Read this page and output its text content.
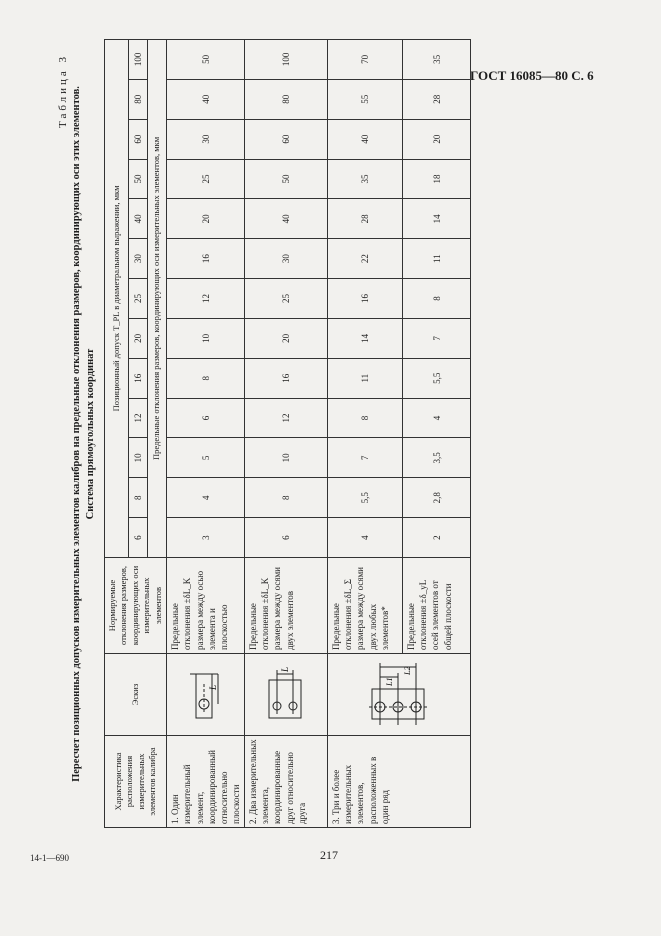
ГОСТ 16085—80 С. 6
14-1—690	217
Таблица 3 Пересчет позиционных допусков измерительных элементов калибров на предельные отклонения размеров, координирующих оси этих элементов. Система прямоугольных координат
Характеристика расположения измерительных элементов калибра	Эскиз	Нормируемые отклонения размеров, координирующих оси измерительных элементов	Позиционный допуск T_PL в диаметральном выражении, мкм												
			6	8	10	12	16	20	25	30	40	50	60	80	100
			Предельные отклонения размеров, координирующих оси измерительных элементов, мкм												
1. Один измерительный элемент, координированный относительно плоскости	L	Предельные отклонения ±δL_K размера между осью элемента и плоскостью	3	4	5	6	8	10	12	16	20	25	30	40	50
2. Два измерительных элемента, координированные друг относительно друга	L	Предельные отклонения ±δL_K размера между осями двух элементов	6	8	10	12	16	20	25	30	40	50	60	80	100
3. Три и более измерительных элементов, расположенных в один ряд	L1
L2	Предельные отклонения ±δL_Σ размера между осями двух любых элементов*	4	5,5	7	8	11	14	16	22	28	35	40	55	70
		Предельные отклонения ±δ_yL осей элементов от общей плоскости	2	2,8	3,5	4	5,5	7	8	11	14	18	20	28	35
